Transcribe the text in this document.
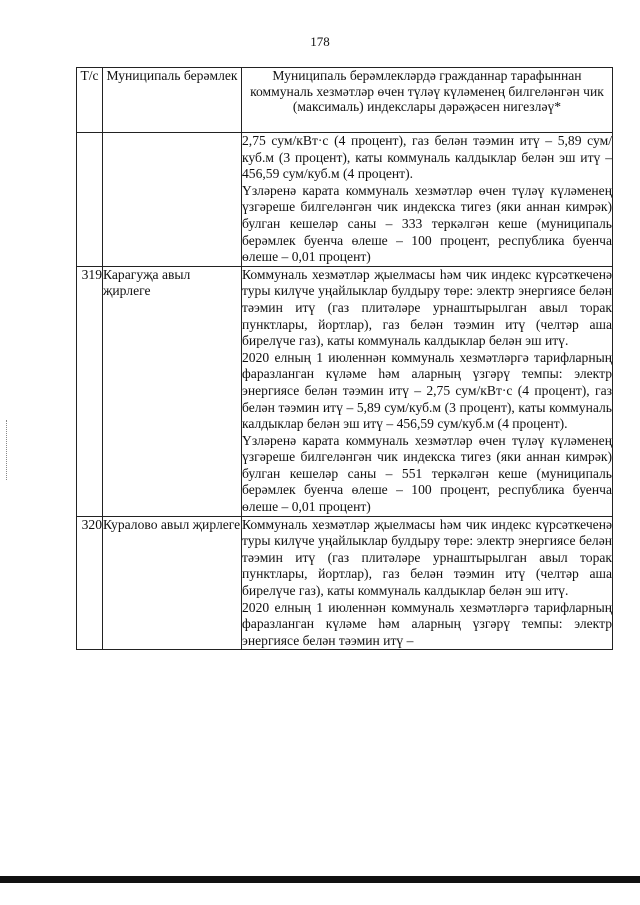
178
Т/с	Муниципаль берәмлек	Муниципаль берәмлекләрдә гражданнар тарафыннан коммуналь хезмәтләр өчен түләү күләменең билгеләнгән чик (максималь) индекслары дәрәҗәсен нигезләү*

		2,75 сум/кВт·с (4 процент), газ белән тәэмин итү – 5,89 сум/куб.м (3 процент), каты коммуналь калдыклар белән эш итү – 456,59 сум/куб.м (4 процент).

Үзләренә карата коммуналь хезмәтләр өчен түләү күләменең үзгәреше билгеләнгән чик индекска тигез (яки аннан кимрәк) булган кешеләр саны – 333 теркәлгән кеше (муниципаль берәмлек буенча өлеше – 100 процент, республика буенча өлеше – 0,01 процент)

319	Карагуҗа авыл җирлеге	Коммуналь хезмәтләр җыелмасы һәм чик индекс күрсәткеченә туры килүче уңайлыклар булдыру төре: электр энергиясе белән тәэмин итү (газ плитәләре урнаштырылган авыл торак пунктлары, йортлар), газ белән тәэмин итү (челтәр аша бирелүче газ), каты коммуналь калдыклар белән эш итү.

2020 елның 1 июленнән коммуналь хезмәтләргә тарифларның фаразланган күләме һәм аларның үзгәрү темпы: электр энергиясе белән тәэмин итү – 2,75 сум/кВт·с (4 процент), газ белән тәэмин итү – 5,89 сум/куб.м (3 процент), каты коммуналь калдыклар белән эш итү – 456,59 сум/куб.м (4 процент).

Үзләренә карата коммуналь хезмәтләр өчен түләү күләменең үзгәреше билгеләнгән чик индекска тигез (яки аннан кимрәк) булган кешеләр саны – 551 теркәлгән кеше (муниципаль берәмлек буенча өлеше – 100 процент, республика буенча өлеше – 0,01 процент)

320	Куралово авыл җирлеге	Коммуналь хезмәтләр җыелмасы һәм чик индекс күрсәткеченә туры килүче уңайлыклар булдыру төре: электр энергиясе белән тәэмин итү (газ плитәләре урнаштырылган авыл торак пунктлары, йортлар), газ белән тәэмин итү (челтәр аша бирелүче газ), каты коммуналь калдыклар белән эш итү.

2020 елның 1 июленнән коммуналь хезмәтләргә тарифларның фаразланган күләме һәм аларның үзгәрү темпы: электр энергиясе белән тәэмин итү –
